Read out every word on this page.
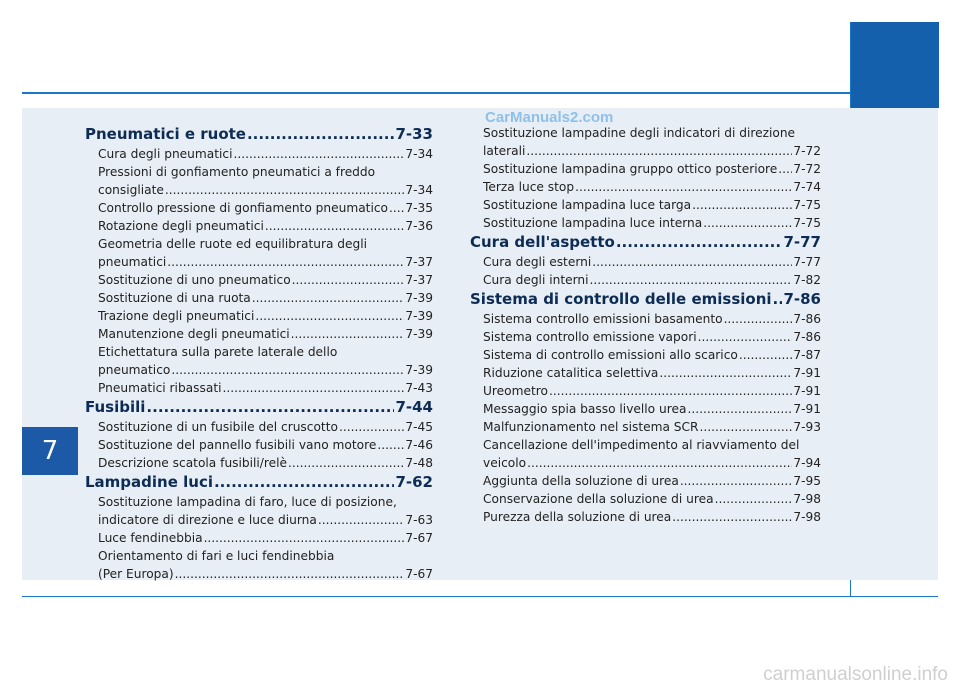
7
CarManuals2.com
Pneumatici e ruote .....	7-33
Cura degli pneumatici .....	7-34
Pressioni di gonfiamento pneumatici a freddo
consigliate .....	7-34
Controllo pressione di gonfiamento pneumatico ..... 7-35
Rotazione degli pneumatici .....	7-36
Geometria delle ruote ed equilibratura degli
pneumatici .....	7-37
Sostituzione di uno pneumatico .....	7-37
Sostituzione di una ruota .....	7-39
Trazione degli pneumatici .....	7-39
Manutenzione degli pneumatici .....	7-39
Etichettatura sulla parete laterale dello
pneumatico .....	7-39
Pneumatici ribassati .....	7-43
Fusibili .....	7-44
Sostituzione di un fusibile del cruscotto .....	7-45
Sostituzione del pannello fusibili vano motore ..... 7-46
Descrizione scatola fusibili/relè .....	7-48
Lampadine luci .....	7-62
Sostituzione lampadina di faro, luce di posizione,
indicatore di direzione e luce diurna .....	7-63
Luce fendinebbia .....	7-67
Orientamento di fari e luci fendinebbia
(Per Europa) .....	7-67
Sostituzione lampadine degli indicatori di direzione
laterali .....	7-72
Sostituzione lampadina gruppo ottico posteriore ..... 7-72
Terza luce stop .....	7-74
Sostituzione lampadina luce targa .....	7-75
Sostituzione lampadina luce interna .....	7-75
Cura dell'aspetto .....	7-77
Cura degli esterni .....	7-77
Cura degli interni .....	7-82
Sistema di controllo delle emissioni ..... 7-86
Sistema controllo emissioni basamento .....	7-86
Sistema controllo emissione vapori .....	7-86
Sistema di controllo emissioni allo scarico .....	7-87
Riduzione catalitica selettiva .....	7-91
Ureometro .....	7-91
Messaggio spia basso livello urea .....	7-91
Malfunzionamento nel sistema SCR .....	7-93
Cancellazione dell'impedimento al riavviamento del
veicolo .....	7-94
Aggiunta della soluzione di urea .....	7-95
Conservazione della soluzione di urea .....	7-98
Purezza della soluzione di urea .....	7-98
carmanualsonline.info
